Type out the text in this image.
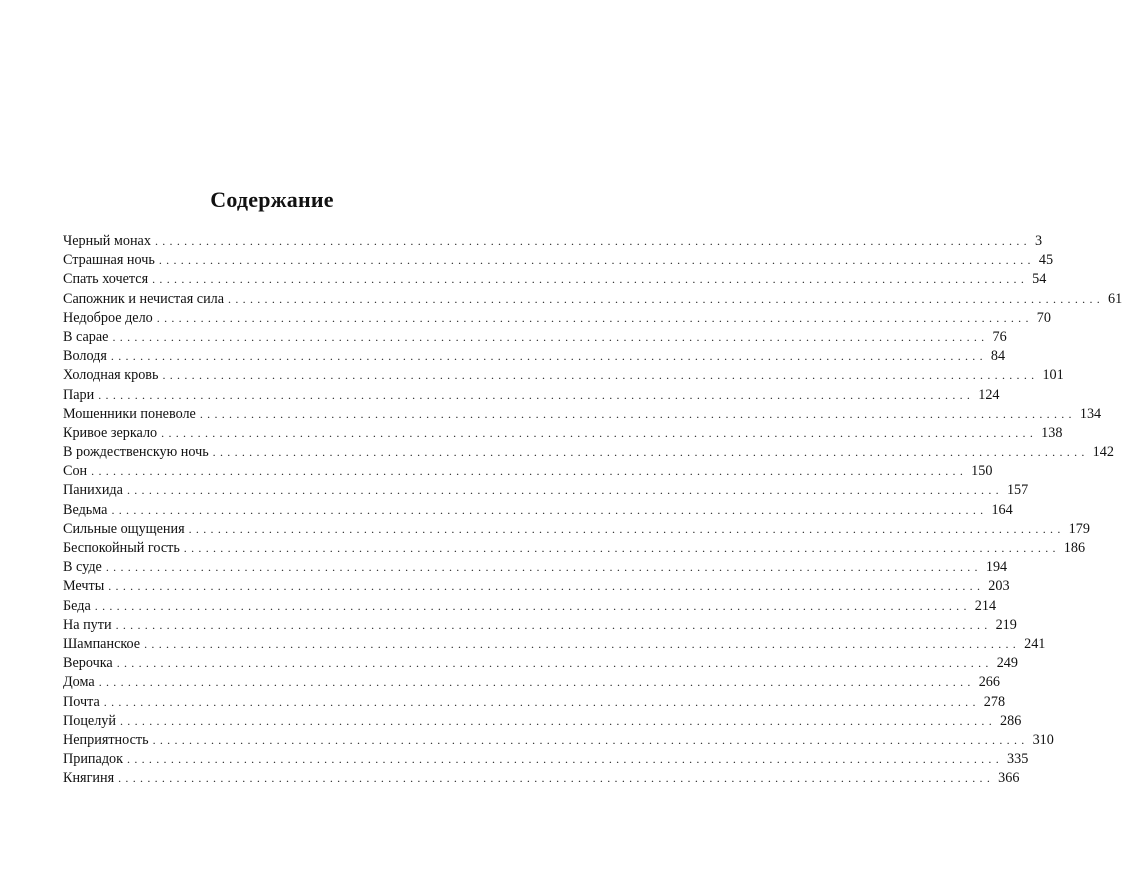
Содержание
Черный монах ........................................................................................................................ 3
Страшная ночь ........................................................................................................................ 45
Спать хочется ........................................................................................................................ 54
Сапожник и нечистая сила ........................................................................................................................ 61
Недоброе дело ........................................................................................................................ 70
В сарае ........................................................................................................................ 76
Володя ........................................................................................................................ 84
Холодная кровь ........................................................................................................................ 101
Пари ........................................................................................................................ 124
Мошенники поневоле ........................................................................................................................ 134
Кривое зеркало ........................................................................................................................ 138
В рождественскую ночь ........................................................................................................................ 142
Сон ........................................................................................................................ 150
Панихида ........................................................................................................................ 157
Ведьма ........................................................................................................................ 164
Сильные ощущения ........................................................................................................................ 179
Беспокойный гость ........................................................................................................................ 186
В суде ........................................................................................................................ 194
Мечты ........................................................................................................................ 203
Беда ........................................................................................................................ 214
На пути ........................................................................................................................ 219
Шампанское ........................................................................................................................ 241
Верочка ........................................................................................................................ 249
Дома ........................................................................................................................ 266
Почта ........................................................................................................................ 278
Поцелуй ........................................................................................................................ 286
Неприятность ........................................................................................................................ 310
Припадок ........................................................................................................................ 335
Княгиня ........................................................................................................................ 366
